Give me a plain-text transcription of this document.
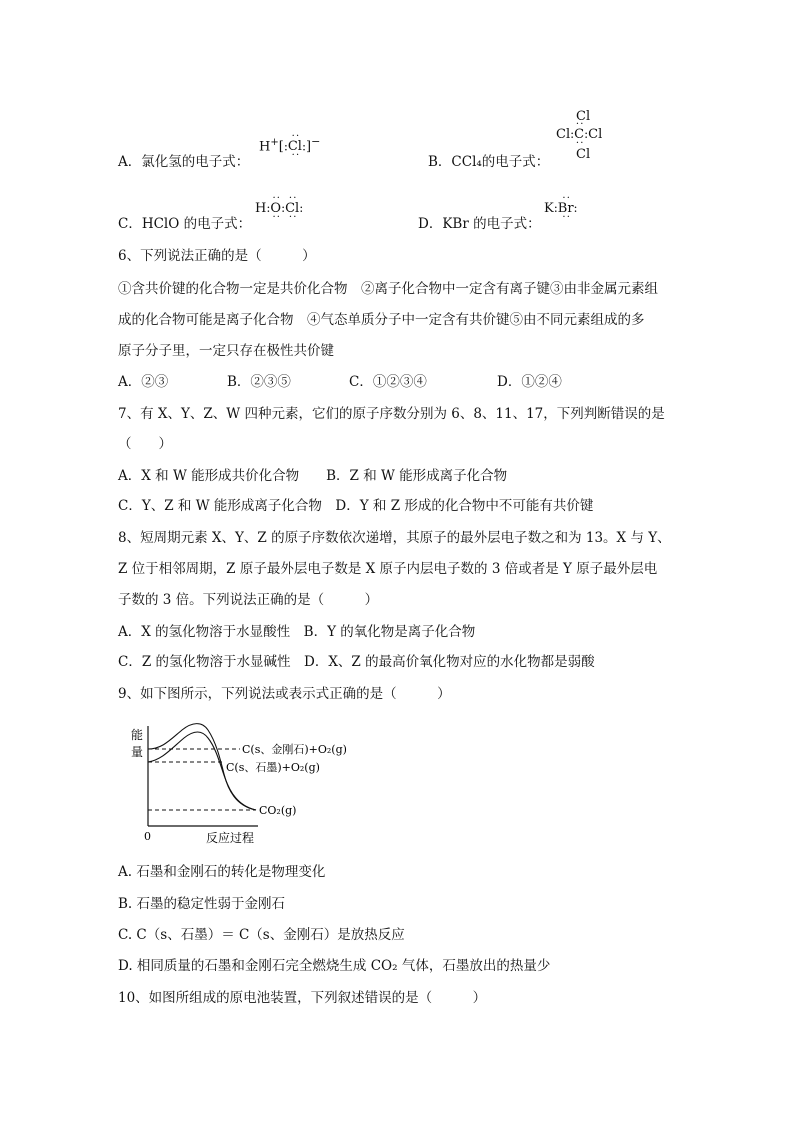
A．氯化氢的电子式：
H+[:· · Cl · ·:]−
B．CCl₄的电子式：
Cl
Cl:· · C · ·:Cl
Cl
C．HClO 的电子式：
H:· · O · ·:· · Cl · ·:
D．KBr 的电子式：
K:· · Br · ·:
6、下列说法正确的是（　　　）
①含共价键的化合物一定是共价化合物　②离子化合物中一定含有离子键③由非金属元素组
成的化合物可能是离子化合物　④气态单质分子中一定含有共价键⑤由不同元素组成的多
原子分子里，一定只存在极性共价键
A．②③	B．②③⑤	C．①②③④	D．①②④
7、有 X、Y、Z、W 四种元素，它们的原子序数分别为 6、8、11、17，下列判断错误的是
（　　）
A．X 和 W 能形成共价化合物　　B．Z 和 W 能形成离子化合物
C．Y、Z 和 W 能形成离子化合物　D．Y 和 Z 形成的化合物中不可能有共价键
8、短周期元素 X、Y、Z 的原子序数依次递增，其原子的最外层电子数之和为 13。X 与 Y、
Z 位于相邻周期，Z 原子最外层电子数是 X 原子内层电子数的 3 倍或者是 Y 原子最外层电
子数的 3 倍。下列说法正确的是（　　　）
A．X 的氢化物溶于水显酸性　B．Y 的氧化物是离子化合物
C．Z 的氢化物溶于水显碱性　D．X、Z 的最高价氧化物对应的水化物都是弱酸
9、如下图所示，下列说法或表示式正确的是（　　　）
能
量
0	反应过程
C(s、金刚石)+O₂(g)
C(s、石墨)+O₂(g)
CO₂(g)
A. 石墨和金刚石的转化是物理变化
B. 石墨的稳定性弱于金刚石
C. C（s、石墨）＝ C（s、金刚石）是放热反应
D. 相同质量的石墨和金刚石完全燃烧生成 CO₂ 气体，石墨放出的热量少
10、如图所组成的原电池装置，下列叙述错误的是（　　　）
